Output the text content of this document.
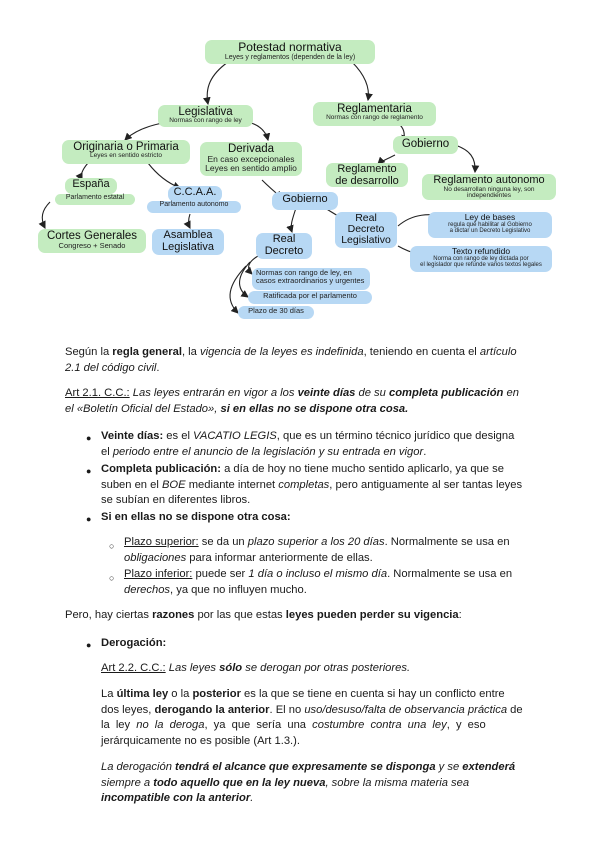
Potestad normativa
Leyes y reglamentos (dependen de la ley)
Legislativa
Normas con rango de ley
Reglamentaria
Normas con rango de reglamento
Originaria o Primaria
Leyes en sentido estricto
Derivada
En caso excepcionales
Leyes en sentido amplio
Gobierno
España
Parlamento estatal	C.C.A.A.
Parlamento autonomo
Reglamento
de desarrollo	Reglamento autonomo
No desarrollan ninguna ley, son
independientes
Cortes Generales
Congreso + Senado
Asamblea
Legislativa
Gobierno
Real
Decreto
Real
Decreto
Legislativo
Ley de bases
regula qué habilitar al Gobierno
a dictar un Decreto Legislativo
Texto refundido
Norma con rango de ley dictada por
el legislador que refunde varios textos legales
Normas con rango de ley, en
casos extraordinarios y urgentes
Ratificada por el parlamento
Plazo de 30 días
Según la regla general, la vigencia de la leyes es indefinida, teniendo en cuenta el artículo
2.1 del código civil.
Art 2.1. C.C.: Las leyes entrarán en vigor a los veinte días de su completa publicación en
el «Boletín Oficial del Estado», si en ellas no se dispone otra cosa.
● Veinte días: es el VACATIO LEGIS, que es un término técnico jurídico que designa
el periodo entre el anuncio de la legislación y su entrada en vigor.
● Completa publicación: a día de hoy no tiene mucho sentido aplicarlo, ya que se
suben en el BOE mediante internet completas, pero antiguamente al ser tantas leyes
se subían en diferentes libros.
● Si en ellas no se dispone otra cosa:
○ Plazo superior: se da un plazo superior a los 20 días. Normalmente se usa en
obligaciones para informar anteriormente de ellas.
○ Plazo inferior: puede ser 1 día o incluso el mismo día. Normalmente se usa en
derechos, ya que no influyen mucho.
Pero, hay ciertas razones por las que estas leyes pueden perder su vigencia:
● Derogación:
Art 2.2. C.C.: Las leyes sólo se derogan por otras posteriores.
La última ley o la posterior es la que se tiene en cuenta si hay un conflicto entre
dos leyes, derogando la anterior. El no uso/desuso/falta de observancia práctica de
la ley no la deroga, ya que sería una costumbre contra una ley, y eso
jerárquicamente no es posible (Art 1.3.).
La derogación tendrá el alcance que expresamente se disponga y se extenderá
siempre a todo aquello que en la ley nueva, sobre la misma materia sea
incompatible con la anterior.
